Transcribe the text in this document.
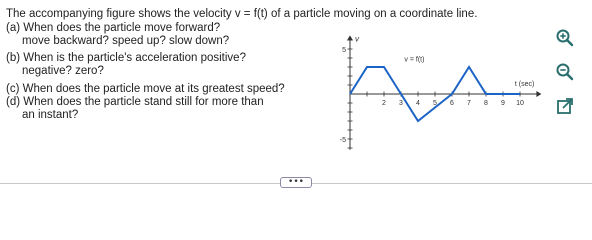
The accompanying figure shows the velocity v = f(t) of a particle moving on a coordinate line.
(a) When does the particle move forward?
move backward? speed up? slow down?
(b) When is the particle's acceleration positive?
negative? zero?
(c) When does the particle move at its greatest speed?
(d) When does the particle stand still for more than
an instant?
2 3 4 5 6 7 8 9 10
5
-5
v
t (sec)
v = f(t)
•••
